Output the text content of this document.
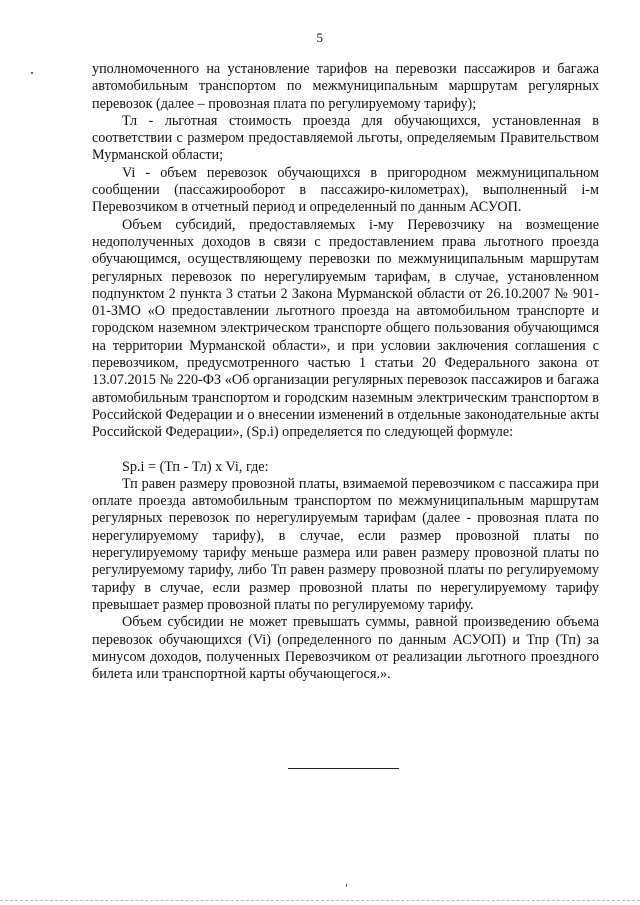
5

уполномоченного на установление тарифов на перевозки пассажиров и багажа автомобильным транспортом по межмуниципальным маршрутам регулярных перевозок (далее – провозная плата по регулируемому тарифу);

Тл - льготная стоимость проезда для обучающихся, установленная в соответствии с размером предоставляемой льготы, определяемым Правительством Мурманской области;

Vi - объем перевозок обучающихся в пригородном межмуниципальном сообщении (пассажирооборот в пассажиро-километрах), выполненный i-м Перевозчиком в отчетный период и определенный по данным АСУОП.

Объем субсидий, предоставляемых i-му Перевозчику на возмещение недополученных доходов в связи с предоставлением права льготного проезда обучающимся, осуществляющему перевозки по межмуниципальным маршрутам регулярных перевозок по нерегулируемым тарифам, в случае, установленном подпунктом 2 пункта 3 статьи 2 Закона Мурманской области от 26.10.2007 № 901-01-ЗМО «О предоставлении льготного проезда на автомобильном транспорте и городском наземном электрическом транспорте общего пользования обучающимся на территории Мурманской области», и при условии заключения соглашения с перевозчиком, предусмотренного частью 1 статьи 20 Федерального закона от 13.07.2015 № 220-ФЗ «Об организации регулярных перевозок пассажиров и багажа автомобильным транспортом и городским наземным электрическим транспортом в Российской Федерации и о внесении изменений в отдельные законодательные акты Российской Федерации», (Sp.i) определяется по следующей формуле:

Sp.i = (Тп - Тл) x Vi, где:

Тп равен размеру провозной платы, взимаемой перевозчиком с пассажира при оплате проезда автомобильным транспортом по межмуниципальным маршрутам регулярных перевозок по нерегулируемым тарифам (далее - провозная плата по нерегулируемому тарифу), в случае, если размер провозной платы по нерегулируемому тарифу меньше размера или равен размеру провозной платы по регулируемому тарифу, либо Тп равен размеру провозной платы по регулируемому тарифу в случае, если размер провозной платы по нерегулируемому тарифу превышает размер провозной платы по регулируемому тарифу.

Объем субсидии не может превышать суммы, равной произведению объема перевозок обучающихся (Vi) (определенного по данным АСУОП) и Тпр (Тп) за минусом доходов, полученных Перевозчиком от реализации льготного проездного билета или транспортной карты обучающегося.».
